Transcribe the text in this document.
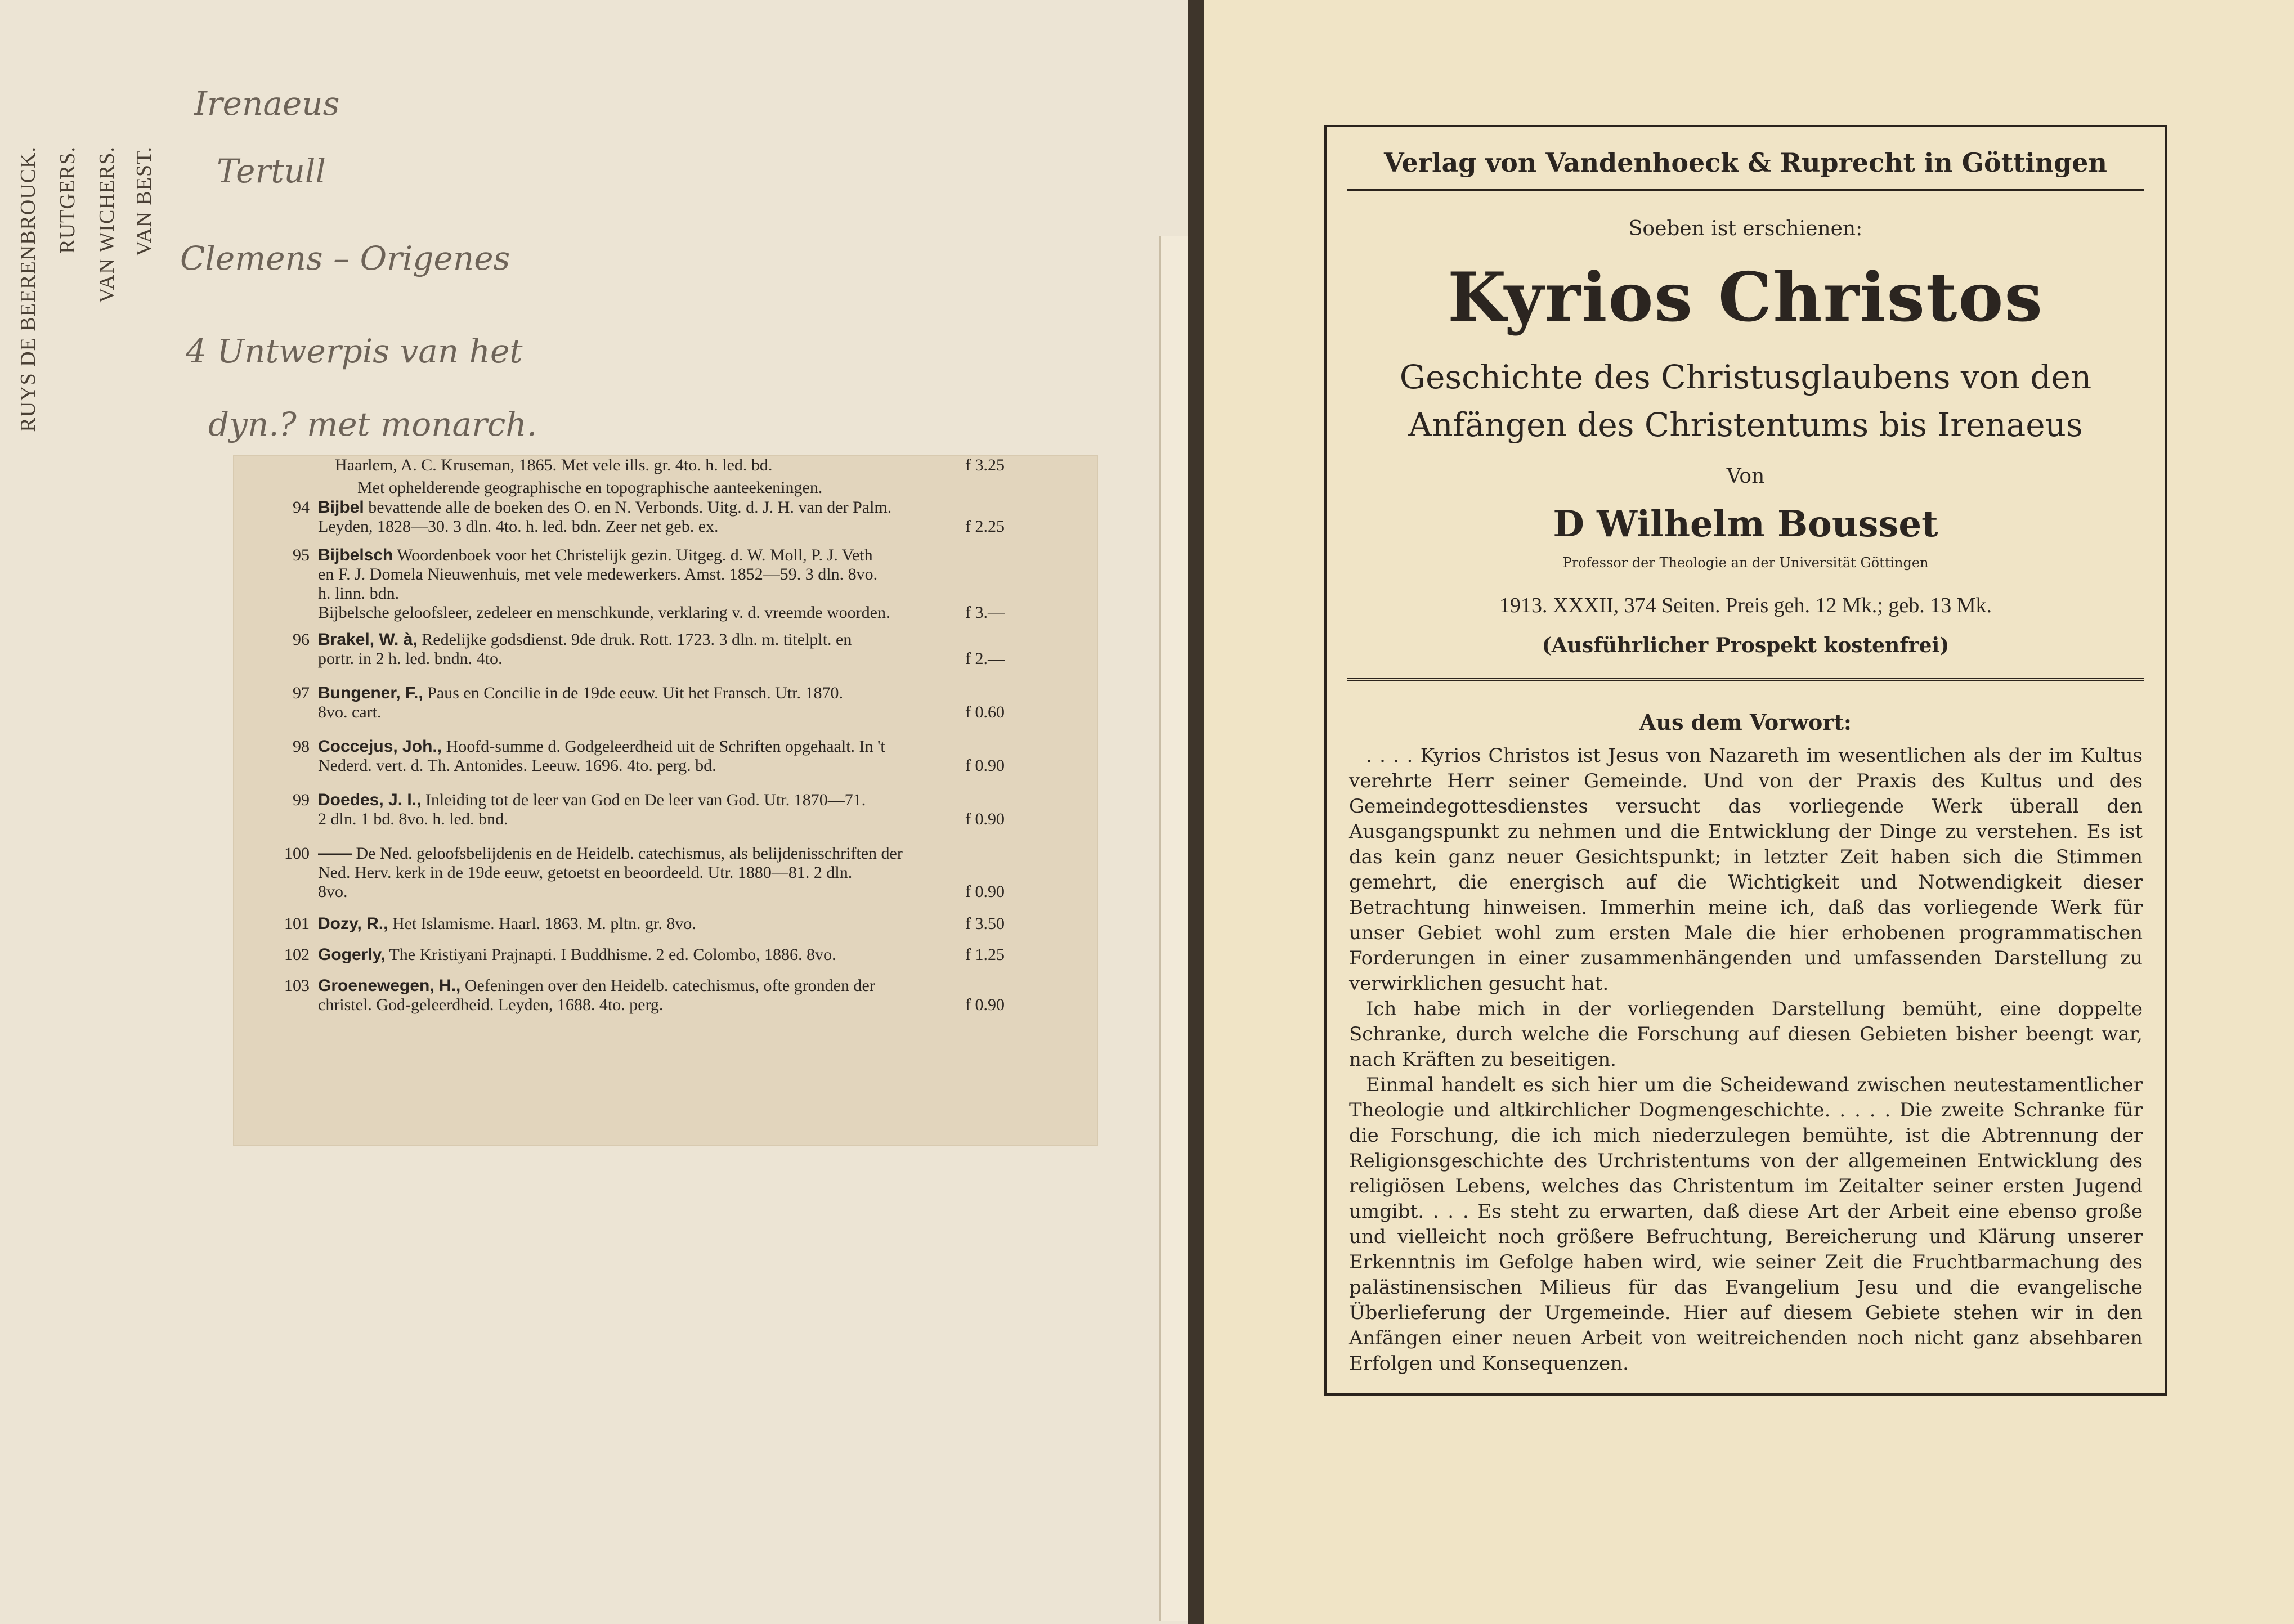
RUYS DE BEERENBROUCK. RUTGERS. VAN WICHERS. VAN BEST.
Irenaeus
Tertull
Clemens – Origenes
4 Untwerpis van het
dyn.? met monarch.
Haarlem, A. C. Kruseman, 1865. Met vele ills. gr. 4to. h. led. bd.	f 3.25
Met ophelderende geographische en topographische aanteekeningen.
94 Bijbel bevattende alle de boeken des O. en N. Verbonds. Uitg. d. J. H. van der Palm.
Leyden, 1828—30. 3 dln. 4to. h. led. bdn. Zeer net geb. ex.	f 2.25
95 Bijbelsch Woordenboek voor het Christelijk gezin. Uitgeg. d. W. Moll, P. J. Veth
en F. J. Domela Nieuwenhuis, met vele medewerkers. Amst. 1852—59. 3 dln. 8vo.
h. linn. bdn.
Bijbelsche geloofsleer, zedeleer en menschkunde, verklaring v. d. vreemde woorden.	f 3.—
96 Brakel, W. à, Redelijke godsdienst. 9de druk. Rott. 1723. 3 dln. m. titelplt. en
portr. in 2 h. led. bndn. 4to.	f 2.—
97 Bungener, F., Paus en Concilie in de 19de eeuw. Uit het Fransch. Utr. 1870.
8vo. cart.	f 0.60
98 Coccejus, Joh., Hoofd-summe d. Godgeleerdheid uit de Schriften opgehaalt. In 't
Nederd. vert. d. Th. Antonides. Leeuw. 1696. 4to. perg. bd.	f 0.90
99 Doedes, J. I., Inleiding tot de leer van God en De leer van God. Utr. 1870—71.
2 dln. 1 bd. 8vo. h. led. bnd.	f 0.90
100 —— De Ned. geloofsbelijdenis en de Heidelb. catechismus, als belijdenisschriften der
Ned. Herv. kerk in de 19de eeuw, getoetst en beoordeeld. Utr. 1880—81. 2 dln.
8vo.	f 0.90
101 Dozy, R., Het Islamisme. Haarl. 1863. M. pltn. gr. 8vo.	f 3.50
102 Gogerly, The Kristiyani Prajnapti. I Buddhisme. 2 ed. Colombo, 1886. 8vo.	f 1.25
103 Groenewegen, H., Oefeningen over den Heidelb. catechismus, ofte gronden der
christel. God-geleerdheid. Leyden, 1688. 4to. perg.	f 0.90
Verlag von Vandenhoeck & Ruprecht in Göttingen
Soeben ist erschienen:
Kyrios Christos
Geschichte des Christusglaubens von den
Anfängen des Christentums bis Irenaeus
Von
D Wilhelm Bousset
Professor der Theologie an der Universität Göttingen
1913. XXXII, 374 Seiten. Preis geh. 12 Mk.; geb. 13 Mk.
(Ausführlicher Prospekt kostenfrei)
Aus dem Vorwort:

. . . . Kyrios Christos ist Jesus von Nazareth im wesentlichen als der im Kultus verehrte Herr seiner Gemeinde. Und von der Praxis des Kultus und des Gemeindegottesdienstes versucht das vorliegende Werk überall den Ausgangspunkt zu nehmen und die Entwicklung der Dinge zu verstehen. Es ist das kein ganz neuer Gesichtspunkt; in letzter Zeit haben sich die Stimmen gemehrt, die energisch auf die Wichtigkeit und Notwendigkeit dieser Betrachtung hinweisen. Immerhin meine ich, daß das vorliegende Werk für unser Gebiet wohl zum ersten Male die hier erhobenen programmatischen Forderungen in einer zusammenhängenden und umfassenden Darstellung zu verwirklichen gesucht hat.

Ich habe mich in der vorliegenden Darstellung bemüht, eine doppelte Schranke, durch welche die Forschung auf diesen Gebieten bisher beengt war, nach Kräften zu beseitigen.

Einmal handelt es sich hier um die Scheidewand zwischen neutestamentlicher Theologie und altkirchlicher Dogmengeschichte. . . . . Die zweite Schranke für die Forschung, die ich mich niederzulegen bemühte, ist die Abtrennung der Religionsgeschichte des Urchristentums von der allgemeinen Entwicklung des religiösen Lebens, welches das Christentum im Zeitalter seiner ersten Jugend umgibt. . . . Es steht zu erwarten, daß diese Art der Arbeit eine ebenso große und vielleicht noch größere Befruchtung, Bereicherung und Klärung unserer Erkenntnis im Gefolge haben wird, wie seiner Zeit die Fruchtbarmachung des palästinensischen Milieus für das Evangelium Jesu und die evangelische Überlieferung der Urgemeinde. Hier auf diesem Gebiete stehen wir in den Anfängen einer neuen Arbeit von weitreichenden noch nicht ganz absehbaren Erfolgen und Konsequenzen.
